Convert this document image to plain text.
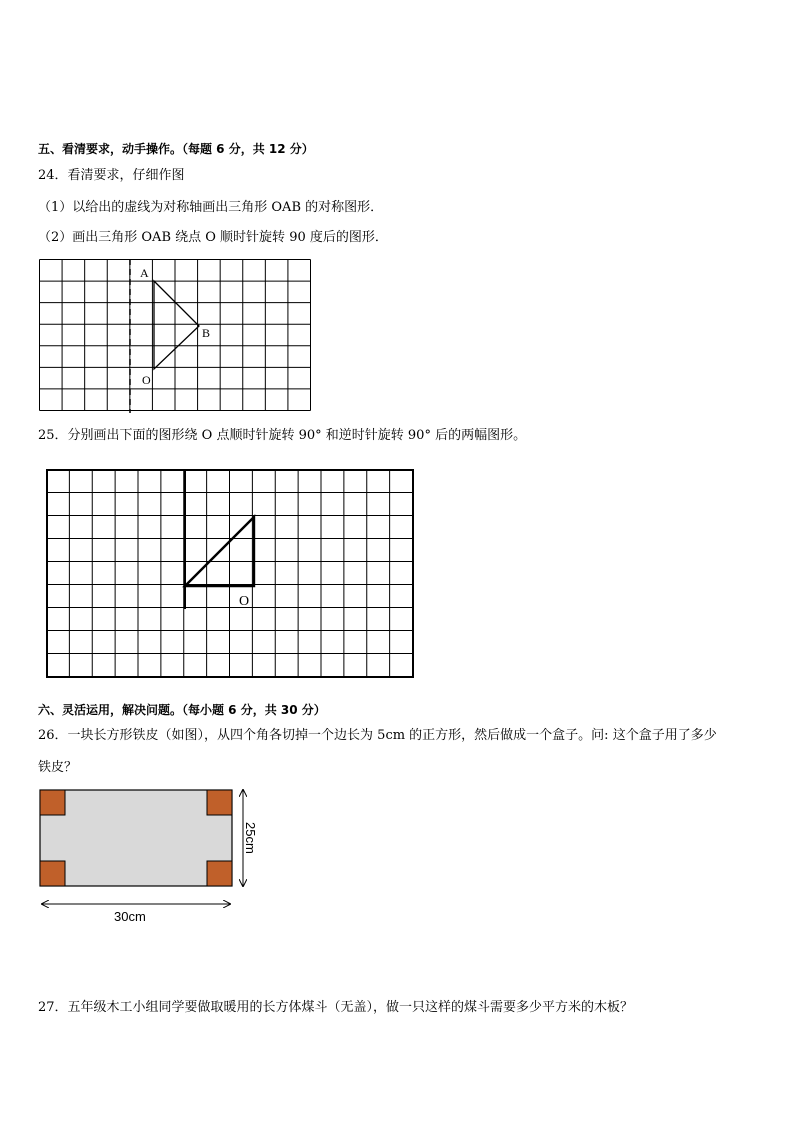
五、看清要求，动手操作。（每题 6 分，共 12 分）
24．看清要求，仔细作图
（1）以给出的虚线为对称轴画出三角形 OAB 的对称图形．
（2）画出三角形 OAB 绕点 O 顺时针旋转 90 度后的图形．
A
B
O
25．分别画出下面的图形绕 O 点顺时针旋转 90° 和逆时针旋转 90° 后的两幅图形。
O
六、灵活运用，解决问题。（每小题 6 分，共 30 分）
26．一块长方形铁皮（如图），从四个角各切掉一个边长为 5cm 的正方形，然后做成一个盒子。问: 这个盒子用了多少
铁皮？
30cm
25cm
27．五年级木工小组同学要做取暖用的长方体煤斗（无盖），做一只这样的煤斗需要多少平方米的木板？
